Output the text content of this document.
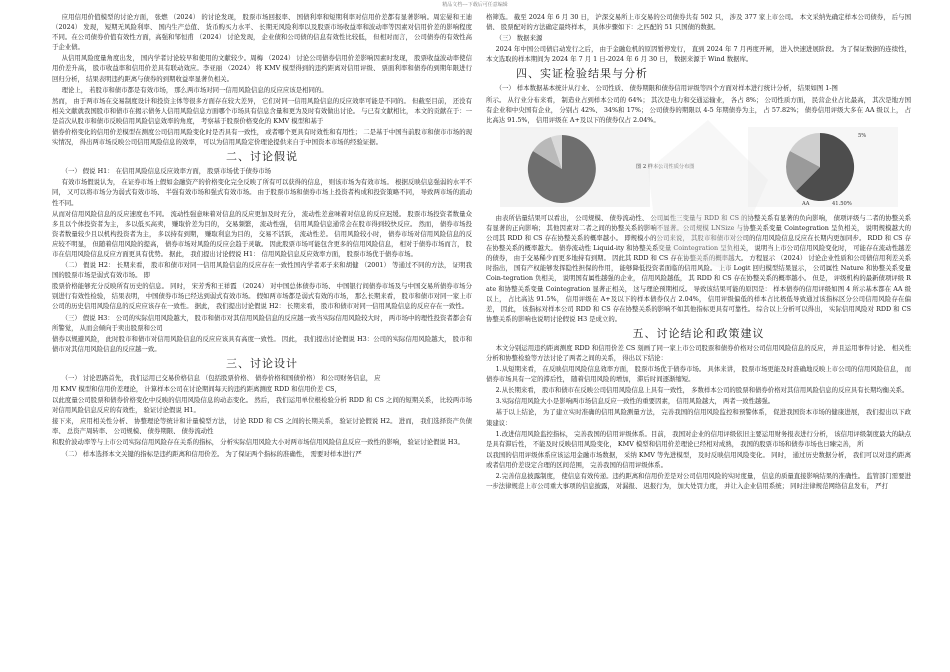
精品文档---下载后可任意编辑

应用信用价值模型的讨论方面， 张燃 （2024） 的讨论发现， 股票市场回报率、 国债利率和短期利率对信用价差都有显著影响。周宏晏和王迪 （2024） 发现， 短期无风险利率、 国内生产总值、 货币购买力水平、 长期无风险利率以及股票市场收益率和波动率等因素对信用价差的影响程度不同。在公司债券价值有效性方面，高强和邹恒甫 （2024） 讨论发现， 企业债和公司债的信息有效性比较低， 但相对而言， 公司债券的有效性高于企业债。

从信用风险度量角度出发， 国内学者讨论较早和使用的文献较少。周梅 （2024） 讨论公司债券信用价差影响因素时发现， 股票收益波动率使信用价差升高， 股市收益率和信用价差具有联动效应。李亚丽 （2024） 将 KMV 模型得到的违约距离对信用评级、 票面利率和债券的到期年限进行回归分析， 结果表明违约距离与债券的到期收益率显著负相关。

理论上， 若股市和债市都是有效市场， 那么两市场对同一信用风险信息的反应应该是相同的。

然而， 由于两市场在交易制度设计和投资主体等很多方面存在较大差异， 它们对同一信用风险信息的反应效率可能是不同的。 但截至目前， 还没有相关文献就我国股市和债市在揭示债务人信用风险信息方面哪个市场具有信息含量和更为及时有效做出讨论。 与已有文献相比， 本文的贡献在于：一是首次从股市和债市反映信用风险信息效率的角度， 考察基于股票价格变化的 KMV 模型和基于

债券价格变化的信用价差模型在测度公司信用风险变化时是否具有一致性， 或者哪个更具有时效性和有用性； 二是基于中国当前股市和债市市场的现实情况， 得出两市场反映公司信用风险信息的效率， 可以为信用风险定价理论提供来自于中国资本市场的经验证据。

二、讨论假说

（一） 假说 H1： 在信用风险信息反应效率方面， 股票市场优于债券市场

有效市场假说认为， 在证券市场上假如金融资产的价格变化完全反映了所有可以获得的信息， 则该市场为有效市场。 根据反映信息强弱的水平不同， 又可以将市场分为弱式有效市场、 半强有效市场和强式有效市场。 由于股票市场和债券市场上投资者构成和投资策略不同， 导致两市场的流动性不同。

从而对信用风险信息的反应速度也不同。 流动性强意味着对信息的反应更加及时充分， 流动性差意味着对信息的反应迟缓。 股票市场投资者数量众多且以个体投资者为主， 多以低买高卖， 赚取价差为目的， 交易频繁， 流动性强， 信用风险信息通常会在股市得到较快反应。 然而， 债券市场投资者数量较少且以机构投资者为主， 多以持有到期， 赚取利息为目的， 交易不活跃， 流动性差。 信用风险较小时， 债券市场对信用风险信息的反应较不明显， 但随着信用风险的提高， 债券市场对风险的反应会趋于灵敏。 因此股票市场可能包含更多的信用风险信息， 相对于债券市场而言， 股市在信用风险信息反应方面更具有优势。 据此， 我们提出讨论假说 H1： 信用风险信息反应效率方面， 股票市场优于债券市场。

（二） 假说 H2： 长期来看， 股市和债市对同一信用风险信息的反应存在一致性国内学者邓子来和胡健 （2001） 等通过不同的方法， 证明我国的股票市场是弱式有效市场。 即

股票价格能够充分反映所有历史的信息。 同时， 宋芳秀和王祥霞 （2024） 对中国总体债券市场、 中国银行间债券市场及与中国交易所债券市场分别进行有效性检验， 结果表明， 中国债券市场已经达到弱式有效市场。 假如两市场都是弱式有效的市场， 那么长期来看， 股市和债市对同一家上市公司的历史信用风险信息的反应应该存在一致性。 据此， 我们提出讨论假说 H2： 长期来看， 股市和债市对同一信用风险信息的反应存在一致性。

（三） 假说 H3： 公司的实际信用风险越大， 股市和债市对其信用风险信息的反应越一致当实际信用风险较大时， 两市场中的理性投资者都会有所警觉， 从而会倾向于卖出股票和公司

债券以规避风险， 此时股市和债市对信用风险信息的反应应该具有高度一致性。 因此， 我们提出讨论假说 H3：公司的实际信用风险越大， 股市和债市对其信用风险信息的反应越一致。

三、讨论设计

（一） 讨论思路首先， 我们运用已交易价格信息 （包括股票价格、 债券价格和国债价格） 和公司财务信息， 应

用 KMV 模型和信用价差理论， 计算样本公司在讨论期间每天的违约距离测度 RDD 和信用价差 CS，

以此度量公司股票和债券价格变化中反映的信用风险信息的动态变化。 然后， 我们运用单位根检验分析 RDD 和 CS 之间的短期关系， 比较两市场对信用风险信息反应的有效性， 验证讨论假说 H1。

接下来， 应用相关性分析、 协整理论等统计和计量模型方法， 讨论 RDD 和 CS 之间的长期关系， 验证讨论假说 H2。 进而， 我们选择资产负债率、 总资产周转率、 公司规模、 债券期限、 债券流动性

和股价波动率等与上市公司实际信用风险存在关系的指标， 分析实际信用风险大小对两市场信用风险信息反应一致性的影响， 验证讨论假说 H3。

（二） 样本选择本文关键的指标是违约距离和信用价差。 为了保证两个指标的准确性， 需要对样本进行严

格筛选。 截至 2024 年 6 月 30 日， 沪深交易所上市交易的公司债券共有 502 只， 涉及 377 家上市公司。 本文采纳先确定样本公司债券， 后与国债、 股票配对的方法确定最终样本， 具体步骤如下：之匹配的 51 只国债的数据。

（三） 数据来源

2024 年中国公司债启动发行之后， 由于金融危机的原因暂停发行， 直到 2024 年 7 月再度开闸， 进入快速进展阶段。 为了保证数据的连续性， 本文选取的样本期间为 2024 年 7 月 1 日-2024 年 6 月 30 日， 数据来源于 Wind 数据库。

四、实证检验结果与分析

（一） 样本数据基本统计从行业、 公司性质、 债券期限和债券信用评级等四个方面对样本进行统计分析， 结果如图 1-图

所示。 从行业分布来看， 制造业占到样本公司的 64%； 其次是电力和交通运输业， 各占 8%； 公司性质方面， 民营企业占比最高， 其次是地方国有企业和中央国有企业， 分别占 42%、 34%和 17%； 公司债券的期限以 4-5 年期债券为主， 占 57.82%； 债券信用评级大多在 AA 级以上， 占比高达 91.5%， 信用评级在 A+及以下的债券仅占 2.04%。

图 2 样本公司性质分布图
5%
AA	41.50%

由表所估量结果可以看出， 公司规模、 债券流动性、 公司属性三变量与 RDD 和 CS 的协整关系有显著的负向影响， 债项评级与二者的协整关系有显著的正向影响； 其他因素对二者之间的协整关系的影响不显著。公司规模 LNSize 与协整关系变量 Cointegration 呈负相关， 说明规模越大的公司其 RDD 和 CS 存在协整关系的概率越小。 即规模小的公司来说， 其股市和债市对公司的信用风险信息反应在长期内更加同步。 RDD 和 CS 存在协整关系的概率越大。 债券流动性 Liquid-ity 和协整关系变量 Cointegration 呈负相关， 说明当上市公司信用风险变化时， 可能存在流动性越差的债券， 由于交易稀少而更多地持有到期。 因此其 RDD 和 CS 存在协整关系的概率越大。 方程显示 （2024） 讨论企业性质和公司债信用利差关系时指出， 国有产权能够发挥隐性担保的作用， 能够降低投资者面临的信用风险。 上市 Logit 回归模型结果显示， 公司属性 Nature 和协整关系变量 Coin-tegration 负相关， 说明国有属性越强的企业， 信用风险越低， 其 RDD 和 CS 存在协整关系的概率越小。 但是， 评级机构的最新债项评级 Rate 和协整关系变量 Cointegration 显著正相关， 这与理论预期相反。 导致该结果可能的原因是： 样本债券的信用评级如图 4 所示基本都在 AA 级以上， 占比高达 91.5%， 信用评级在 A+及以下的样本债券仅占 2.04%， 信用评级偏低的样本占比极低导致通过该指标区分公司信用风险存在偏差， 因此， 该指标对样本公司 RDD 和 CS 存在协整关系的影响不如其他指标更具有可靠性。 综合以上分析可以得出， 实际信用风险对 RDD 和 CS 协整关系的影响也说明讨论假说 H3 是成立的。

五、讨论结论和政策建议

本文分别运用违约距离测度 RDD 和信用价差 CS 刻画了同一家上市公司股票和债券价格对公司信用风险信息的反应， 并且运用事件讨论、 相关性分析和协整检验等方法讨论了两者之间的关系， 得出以下结论：

1.从短期来看， 在反映信用风险信息效率方面， 股票市场优于债券市场。 具体来讲， 股票市场更能及时准确地反映上市公司的信用风险信息， 而债券市场具有一定的滞后性， 随着信用风险的增加， 滞后时间逐渐缩短。

2.从长期来看， 股市和债市在反映公司信用风险信息上具有一致性， 多数样本公司的股票和债券价格对其信用风险信息的反应具有长期均衡关系。

3.实际信用风险大小是影响两市场信息反应一致性的重要因素， 信用风险越大， 两者一致性越强。

基于以上结论， 为了建立实时准确的信用风险测量方法， 完善我国的信用风险监控和预警体系， 促进我国资本市场的健康进展， 我们提出以下政策建议：

1.改进信用风险监控指标， 完善我国的信用评级体系。目前， 我国对企业的信用评级依旧主要运用财务报表进行分析， 该信用评级制度最大的缺点是具有滞后性， 不能及时反映信用风险变化， KMV 模型和信用价差理论已经相对成熟， 我国的股票市场和债券市场也日臻完善， 所

以我国的信用评级体系应该运用金融市场数据， 采纳 KMV 等先进模型， 及时反映信用风险变化。 同时， 通过历史数据分析， 我们可以对违约距离或者信用价差设定合理的区间范围， 完善我国的信用评级体系。

2.完善信息披露制度， 使信息有效传递。违约距离和信用价差是对公司信用风险的实时度量， 信息的质量直接影响结果的准确性。 监管部门需要进一步法律规范上市公司重大事项的信息披露， 对漏报、 迟报行为， 加大处罚力度， 并让入企业信用系统； 同时注律规范网络信息发布， 严打
